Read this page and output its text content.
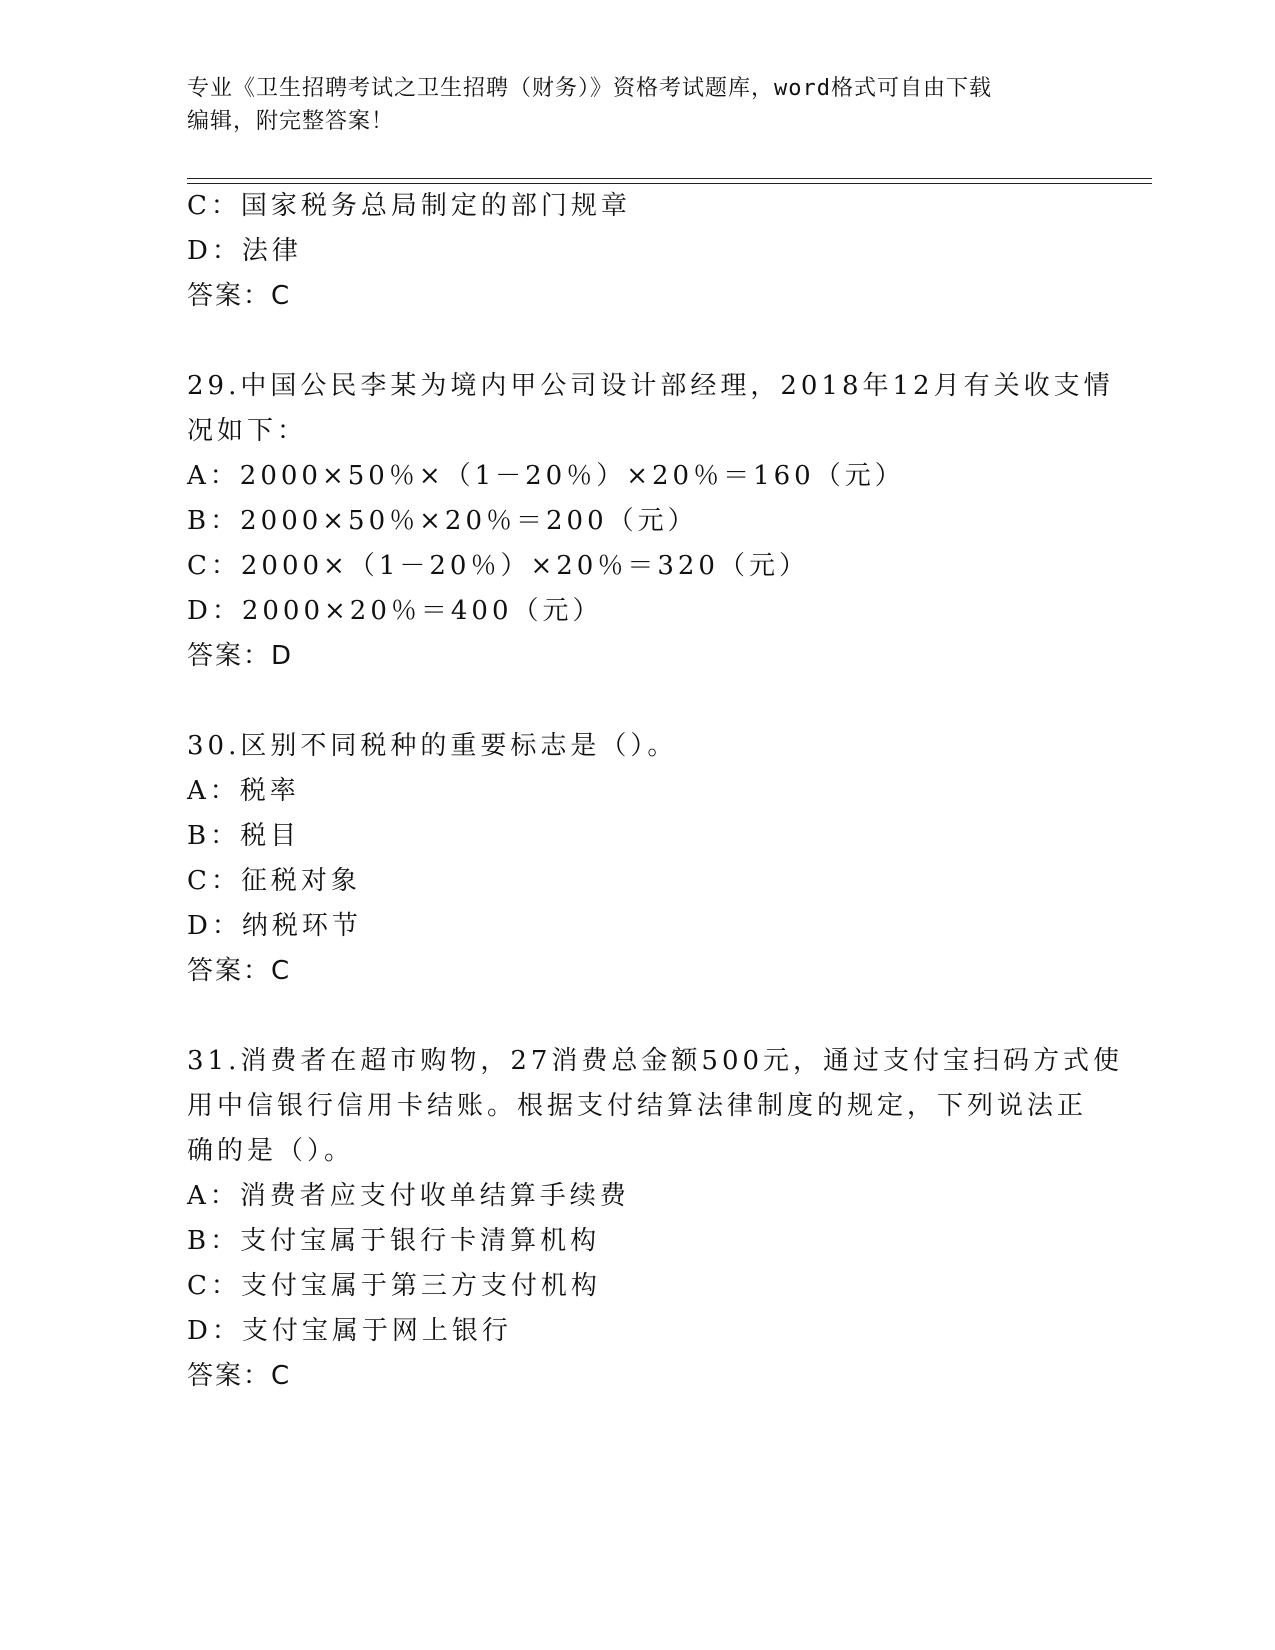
专业《卫生招聘考试之卫生招聘（财务）》资格考试题库，word格式可自由下载
编辑，附完整答案！
C：国家税务总局制定的部门规章
D：法律
答案：C
29.中国公民李某为境内甲公司设计部经理，2018年12月有关收支情
况如下：
A：2000×50％×（1－20％）×20％＝160（元）
B：2000×50％×20％＝200（元）
C：2000×（1－20％）×20％＝320（元）
D：2000×20％＝400（元）
答案：D
30.区别不同税种的重要标志是（）。
A：税率
B：税目
C：征税对象
D：纳税环节
答案：C
31.消费者在超市购物，27消费总金额500元，通过支付宝扫码方式使
用中信银行信用卡结账。根据支付结算法律制度的规定，下列说法正
确的是（）。
A：消费者应支付收单结算手续费
B：支付宝属于银行卡清算机构
C：支付宝属于第三方支付机构
D：支付宝属于网上银行
答案：C
